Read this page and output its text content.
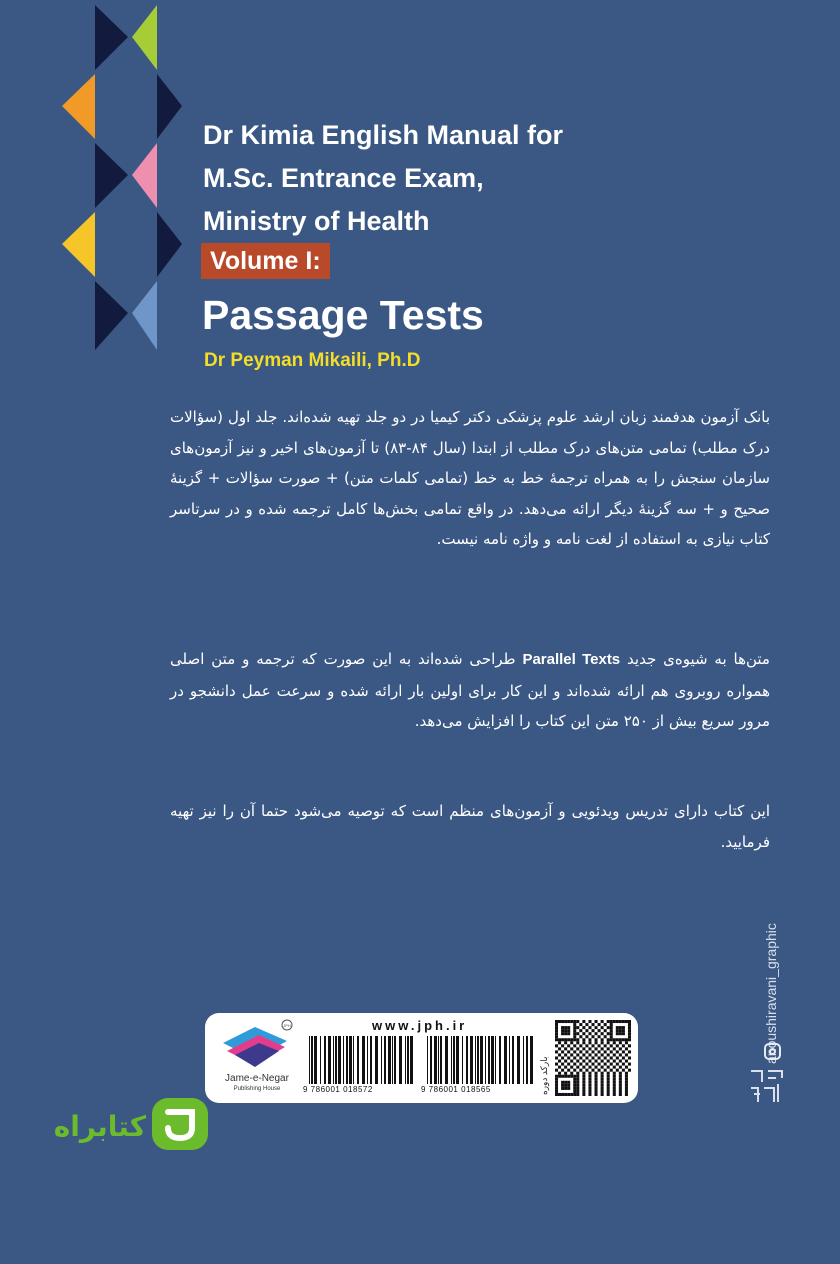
Dr Kimia English Manual for
M.Sc. Entrance Exam,
Ministry of Health
Volume I:
Passage Tests
Dr Peyman Mikaili, Ph.D
بانک آزمون هدفمند زبان ارشد علوم پزشکی دکتر کیمیا در دو جلد تهیه شده‌اند. جلد اول (سؤالات درک مطلب) تمامی متن‌های درک مطلب از ابتدا (سال ۸۴-۸۳) تا آزمون‌های اخیر و نیز آزمون‌های سازمان سنجش را به همراه ترجمهٔ خط به خط (تمامی کلمات متن) + صورت سؤالات + گزینهٔ صحیح و + سه گزینهٔ دیگر ارائه می‌دهد. در واقع تمامی بخش‌ها کامل ترجمه شده و در سرتاسر کتاب نیازی به استفاده از لغت نامه و واژه نامه نیست.
متن‌ها به شیوه‌ی جدید Parallel Texts طراحی شده‌اند به این صورت که ترجمه و متن اصلی همواره روبروی هم ارائه شده‌اند و این کار برای اولین بار ارائه شده و سرعت عمل دانشجو در مرور سریع بیش از ۲۵۰ متن این کتاب را افزایش می‌دهد.
این کتاب دارای تدریس ویدئویی و آزمون‌های منظم است که توصیه می‌شود حتما آن را نیز تهیه فرمایید.
anoushiravani_graphic
www.jph.ir
JPH
Jame-e-Negar
Publishing House	9 786001 018572	9 786001 018565	بارکد دوره
کتابراه
